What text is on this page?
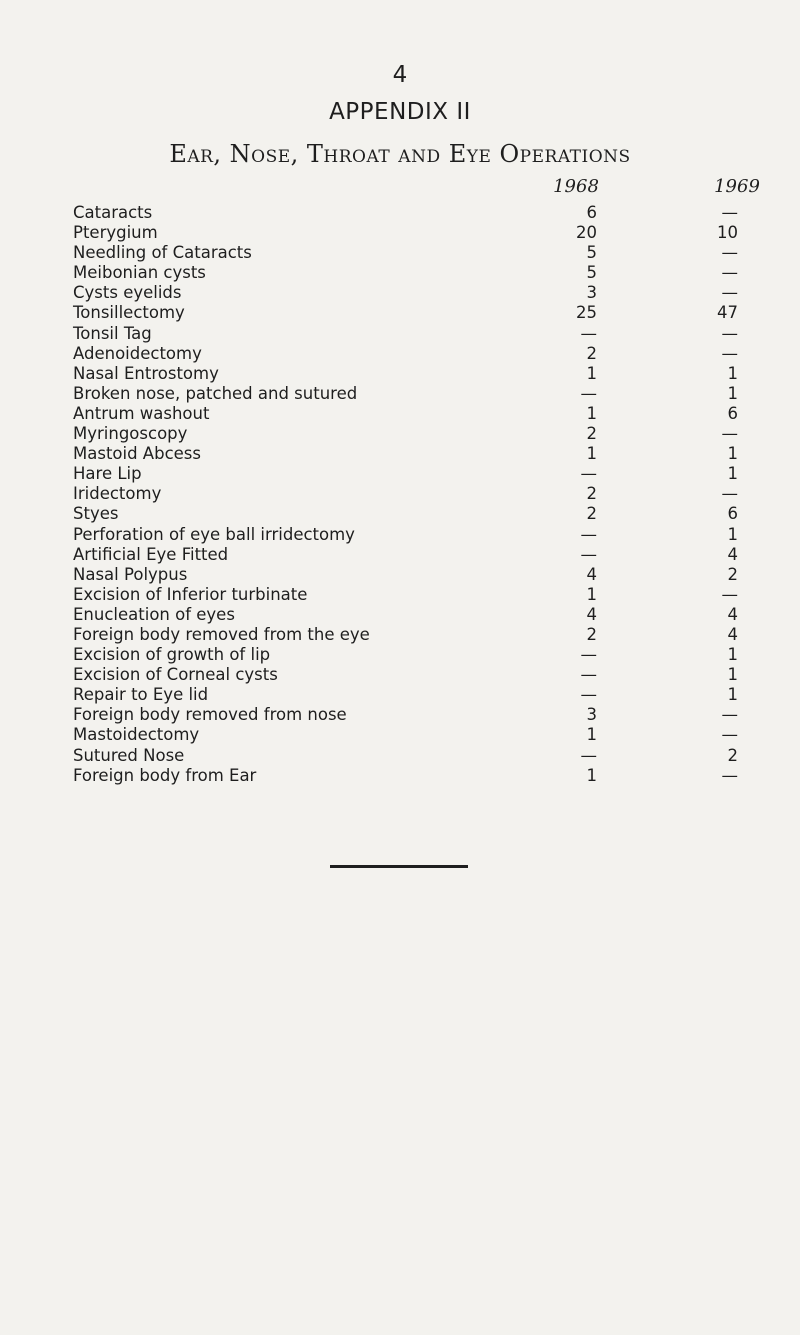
4
APPENDIX II
Ear, Nose, Throat and Eye Operations
1968	1969
Cataracts	6	—
Pterygium	20	10
Needling of Cataracts	5	—
Meibonian cysts	5	—
Cysts eyelids	3	—
Tonsillectomy	25	47
Tonsil Tag	—	—
Adenoidectomy	2	—
Nasal Entrostomy	1	1
Broken nose, patched and sutured	—	1
Antrum washout	1	6
Myringoscopy	2	—
Mastoid Abcess	1	1
Hare Lip	—	1
Iridectomy	2	—
Styes	2	6
Perforation of eye ball irridectomy	—	1
Artificial Eye Fitted	—	4
Nasal Polypus	4	2
Excision of Inferior turbinate	1	—
Enucleation of eyes	4	4
Foreign body removed from the eye	2	4
Excision of growth of lip	—	1
Excision of Corneal cysts	—	1
Repair to Eye lid	—	1
Foreign body removed from nose	3	—
Mastoidectomy	1	—
Sutured Nose	—	2
Foreign body from Ear	1	—
